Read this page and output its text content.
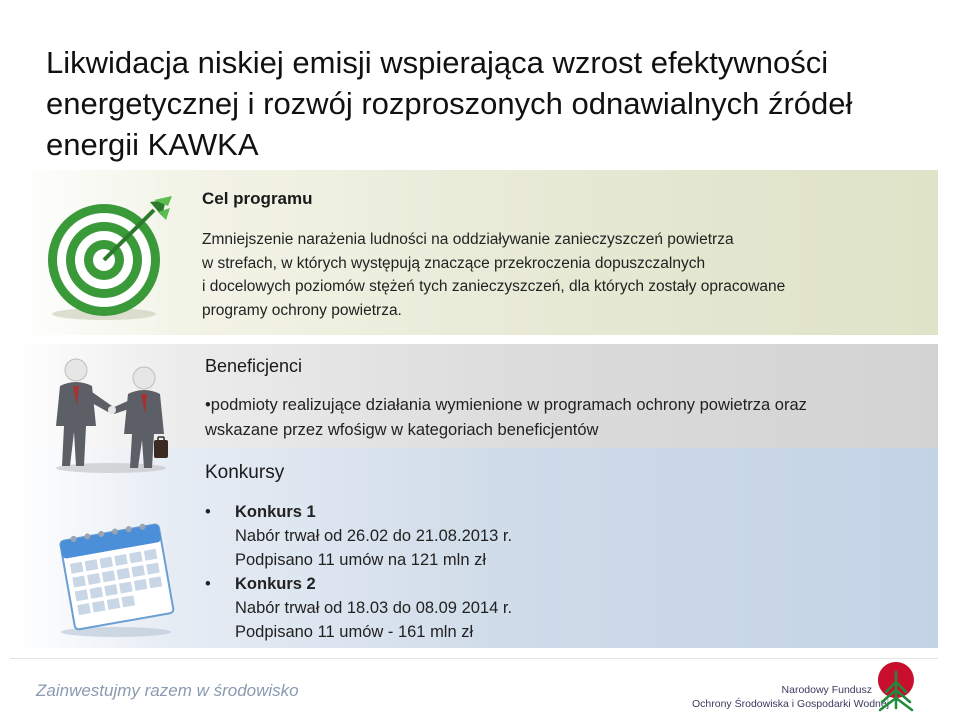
Likwidacja niskiej emisji wspierająca wzrost efektywności
energetycznej i rozwój rozproszonych odnawialnych źródeł
energii KAWKA
Cel programu
Zmniejszenie narażenia ludności na oddziaływanie zanieczyszczeń powietrza
w strefach, w których występują znaczące przekroczenia dopuszczalnych
i docelowych poziomów stężeń tych zanieczyszczeń, dla których zostały opracowane
programy ochrony powietrza.
Beneficjenci
•podmioty realizujące działania wymienione w programach ochrony powietrza oraz
wskazane przez wfośigw w kategoriach beneficjentów
Konkursy
• Konkurs 1
Nabór trwał od 26.02 do 21.08.2013 r.
Podpisano 11 umów na 121 mln zł
• Konkurs 2
Nabór trwał od 18.03 do 08.09 2014 r.
Podpisano 11 umów - 161 mln zł
Zainwestujmy razem w środowisko	Narodowy Fundusz
Ochrony Środowiska i Gospodarki Wodnej
